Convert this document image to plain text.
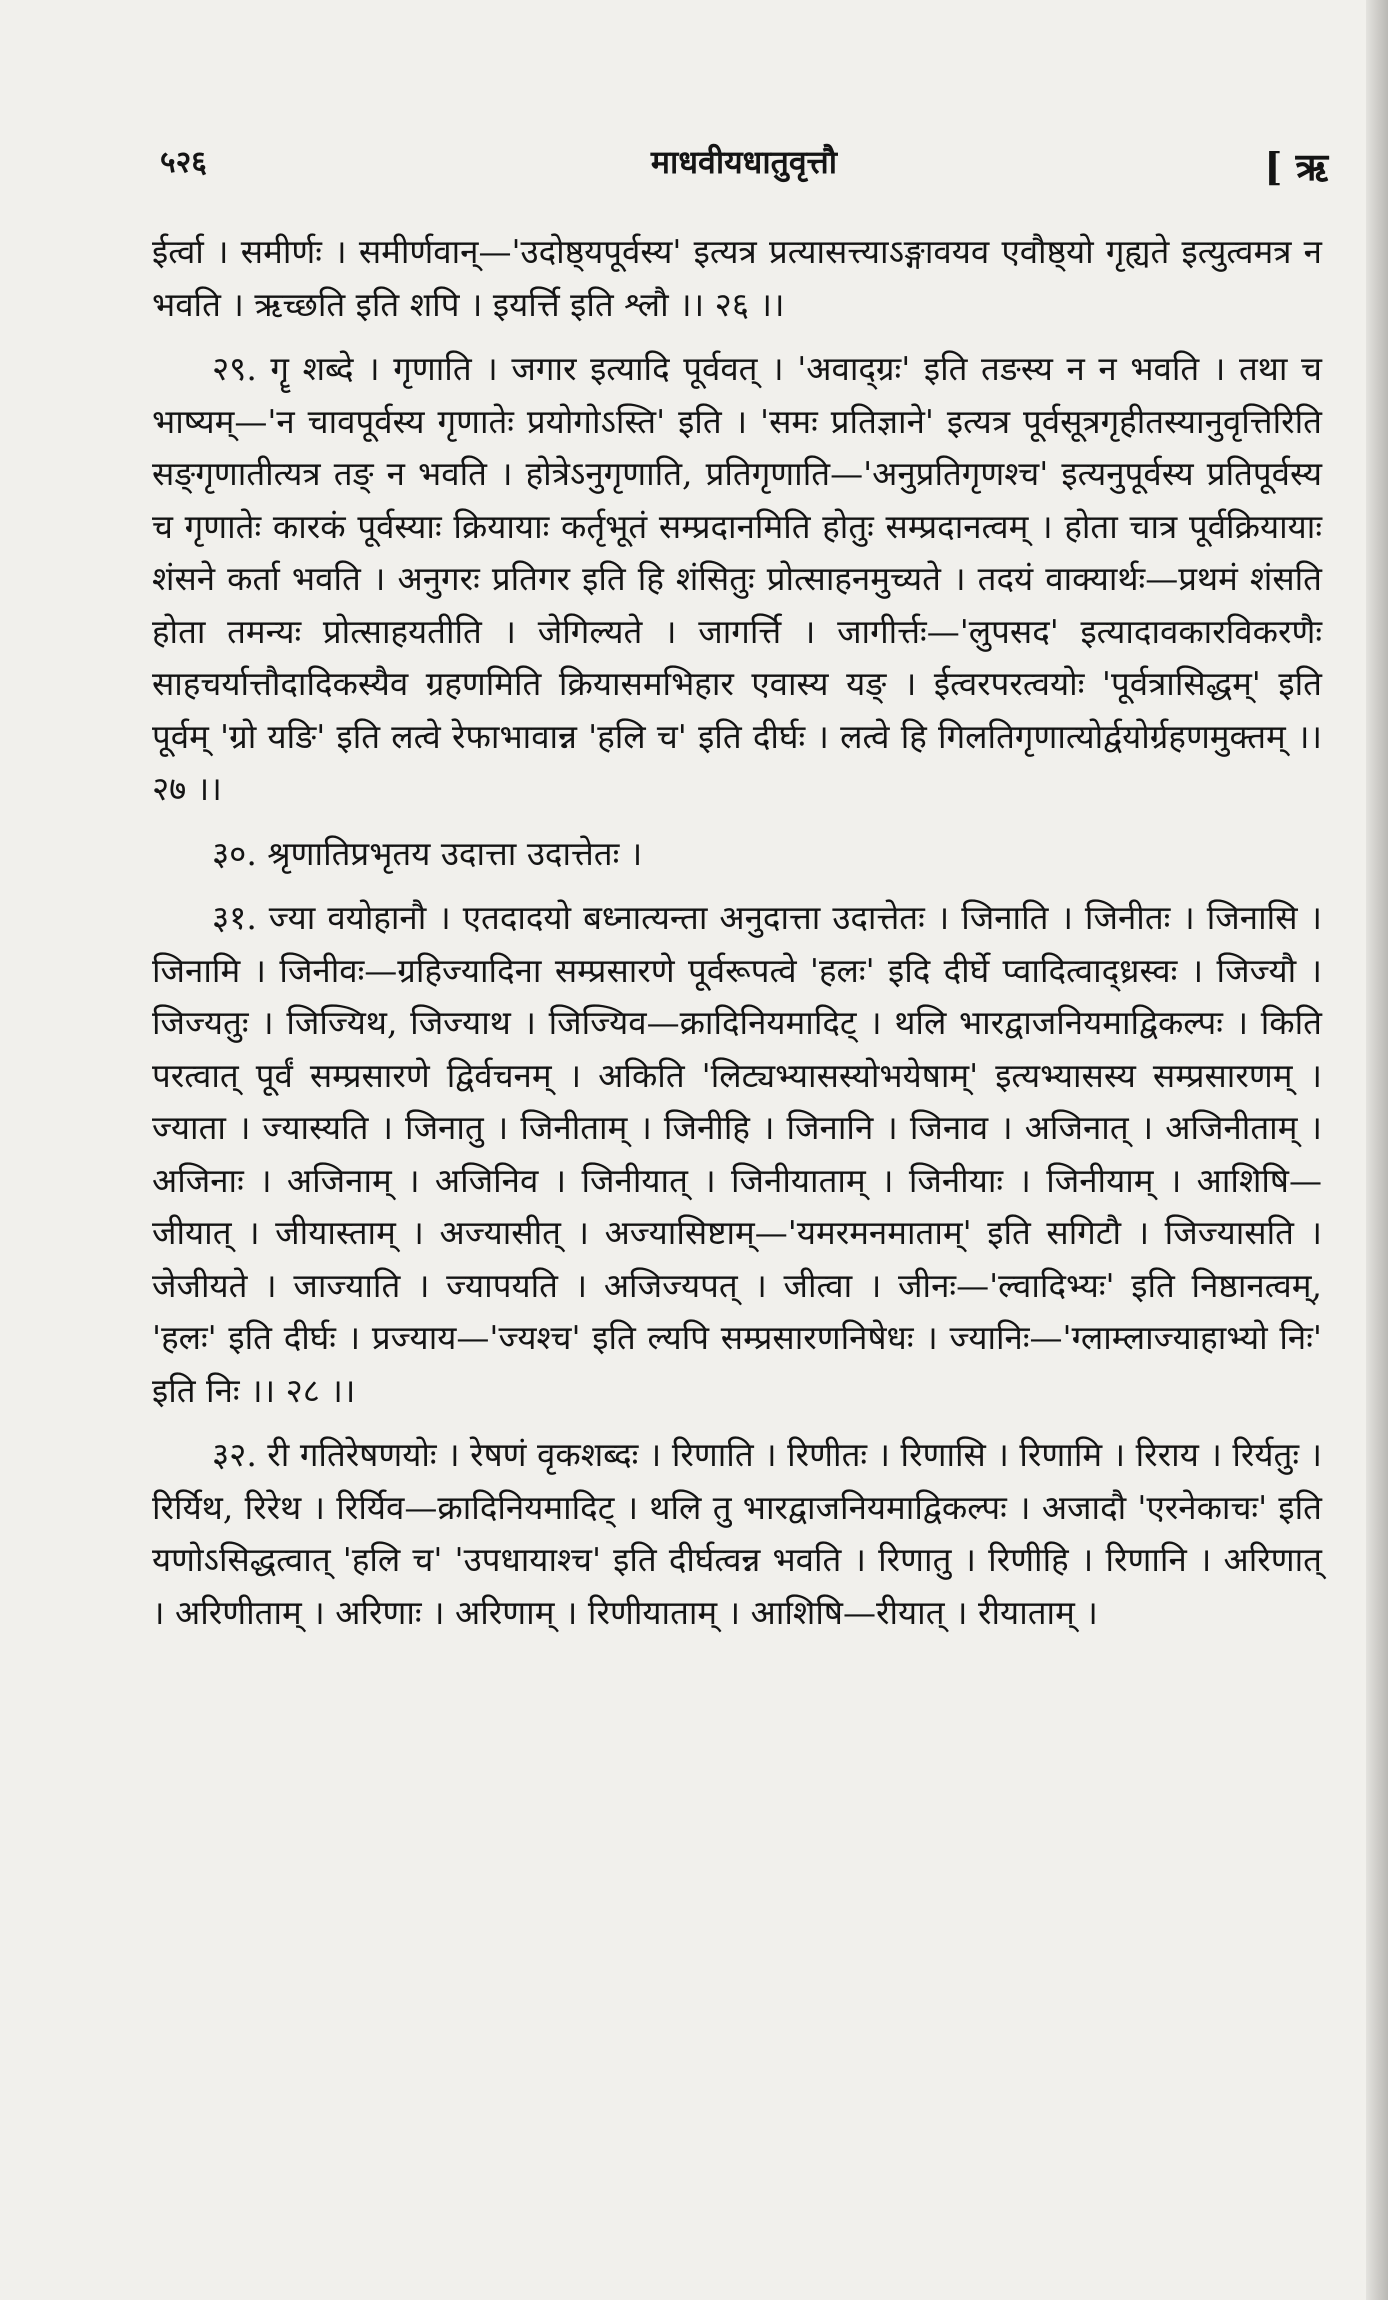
५२६	माधवीयधातुवृत्तौ	[ ऋ

ईर्त्वा । समीर्णः । समीर्णवान्—'उदोष्ठ्यपूर्वस्य' इत्यत्र प्रत्यासत्त्याऽङ्गावयव एवौष्ठ्यो गृह्यते इत्युत्वमत्र न भवति । ऋच्छति इति शपि । इयर्त्ति इति श्लौ ।। २६ ।।

२९. गॄ शब्दे । गृणाति । जगार इत्यादि पूर्ववत् । 'अवाद्ग्रः' इति तङस्य न न भवति । तथा च भाष्यम्—'न चावपूर्वस्य गृणातेः प्रयोगोऽस्ति' इति । 'समः प्रतिज्ञाने' इत्यत्र पूर्वसूत्रगृहीतस्यानुवृत्तिरिति सङ्गृणातीत्यत्र तङ् न भवति । होत्रेऽनुगृणाति, प्रतिगृणाति—'अनुप्रतिगृणश्च' इत्यनुपूर्वस्य प्रतिपूर्वस्य च गृणातेः कारकं पूर्वस्याः क्रियायाः कर्तृभूतं सम्प्रदानमिति होतुः सम्प्रदानत्वम् । होता चात्र पूर्वक्रियायाः शंसने कर्ता भवति । अनुगरः प्रतिगर इति हि शंसितुः प्रोत्साहनमुच्यते । तदयं वाक्यार्थः—प्रथमं शंसति होता तमन्यः प्रोत्साहयतीति । जेगिल्यते । जागर्त्ति । जागीर्त्तः—'लुपसद' इत्यादावकारविकरणैः साहचर्यात्तौदादिकस्यैव ग्रहणमिति क्रियासमभिहार एवास्य यङ् । ईत्वरपरत्वयोः 'पूर्वत्रासिद्धम्' इति पूर्वम् 'ग्रो यङि' इति लत्वे रेफाभावान्न 'हलि च' इति दीर्घः । लत्वे हि गिलतिगृणात्योर्द्वयोर्ग्रहणमुक्तम् ।। २७ ।।

३०. श्रृणातिप्रभृतय उदात्ता उदात्तेतः ।

३१. ज्या वयोहानौ । एतदादयो बध्नात्यन्ता अनुदात्ता उदात्तेतः । जिनाति । जिनीतः । जिनासि । जिनामि । जिनीवः—ग्रहिज्यादिना सम्प्रसारणे पूर्वरूपत्वे 'हलः' इदि दीर्घे प्वादित्वाद्ध्रस्वः । जिज्यौ । जिज्यतुः । जिज्यिथ, जिज्याथ । जिज्यिव—क्रादिनियमादिट् । थलि भारद्वाजनियमाद्विकल्पः । किति परत्वात् पूर्वं सम्प्रसारणे द्विर्वचनम् । अकिति 'लिट्यभ्यासस्योभयेषाम्' इत्यभ्यासस्य सम्प्रसारणम् । ज्याता । ज्यास्यति । जिनातु । जिनीताम् । जिनीहि । जिनानि । जिनाव । अजिनात् । अजिनीताम् । अजिनाः । अजिनाम् । अजिनिव । जिनीयात् । जिनीयाताम् । जिनीयाः । जिनीयाम् । आशिषि—जीयात् । जीयास्ताम् । अज्यासीत् । अज्यासिष्टाम्—'यमरमनमाताम्' इति सगिटौ । जिज्यासति । जेजीयते । जाज्याति । ज्यापयति । अजिज्यपत् । जीत्वा । जीनः—'ल्वादिभ्यः' इति निष्ठानत्वम्, 'हलः' इति दीर्घः । प्रज्याय—'ज्यश्च' इति ल्यपि सम्प्रसारणनिषेधः । ज्यानिः—'ग्लाम्लाज्याहाभ्यो निः' इति निः ।। २८ ।।

३२. री गतिरेषणयोः । रेषणं वृकशब्दः । रिणाति । रिणीतः । रिणासि । रिणामि । रिराय । रिर्यतुः । रिर्यिथ, रिरेथ । रिर्यिव—क्रादिनियमादिट् । थलि तु भारद्वाजनियमाद्विकल्पः । अजादौ 'एरनेकाचः' इति यणोऽसिद्धत्वात् 'हलि च' 'उपधायाश्च' इति दीर्घत्वन्न भवति । रिणातु । रिणीहि । रिणानि । अरिणात् । अरिणीताम् । अरिणाः । अरिणाम् । रिणीयाताम् । आशिषि—रीयात् । रीयाताम् ।
